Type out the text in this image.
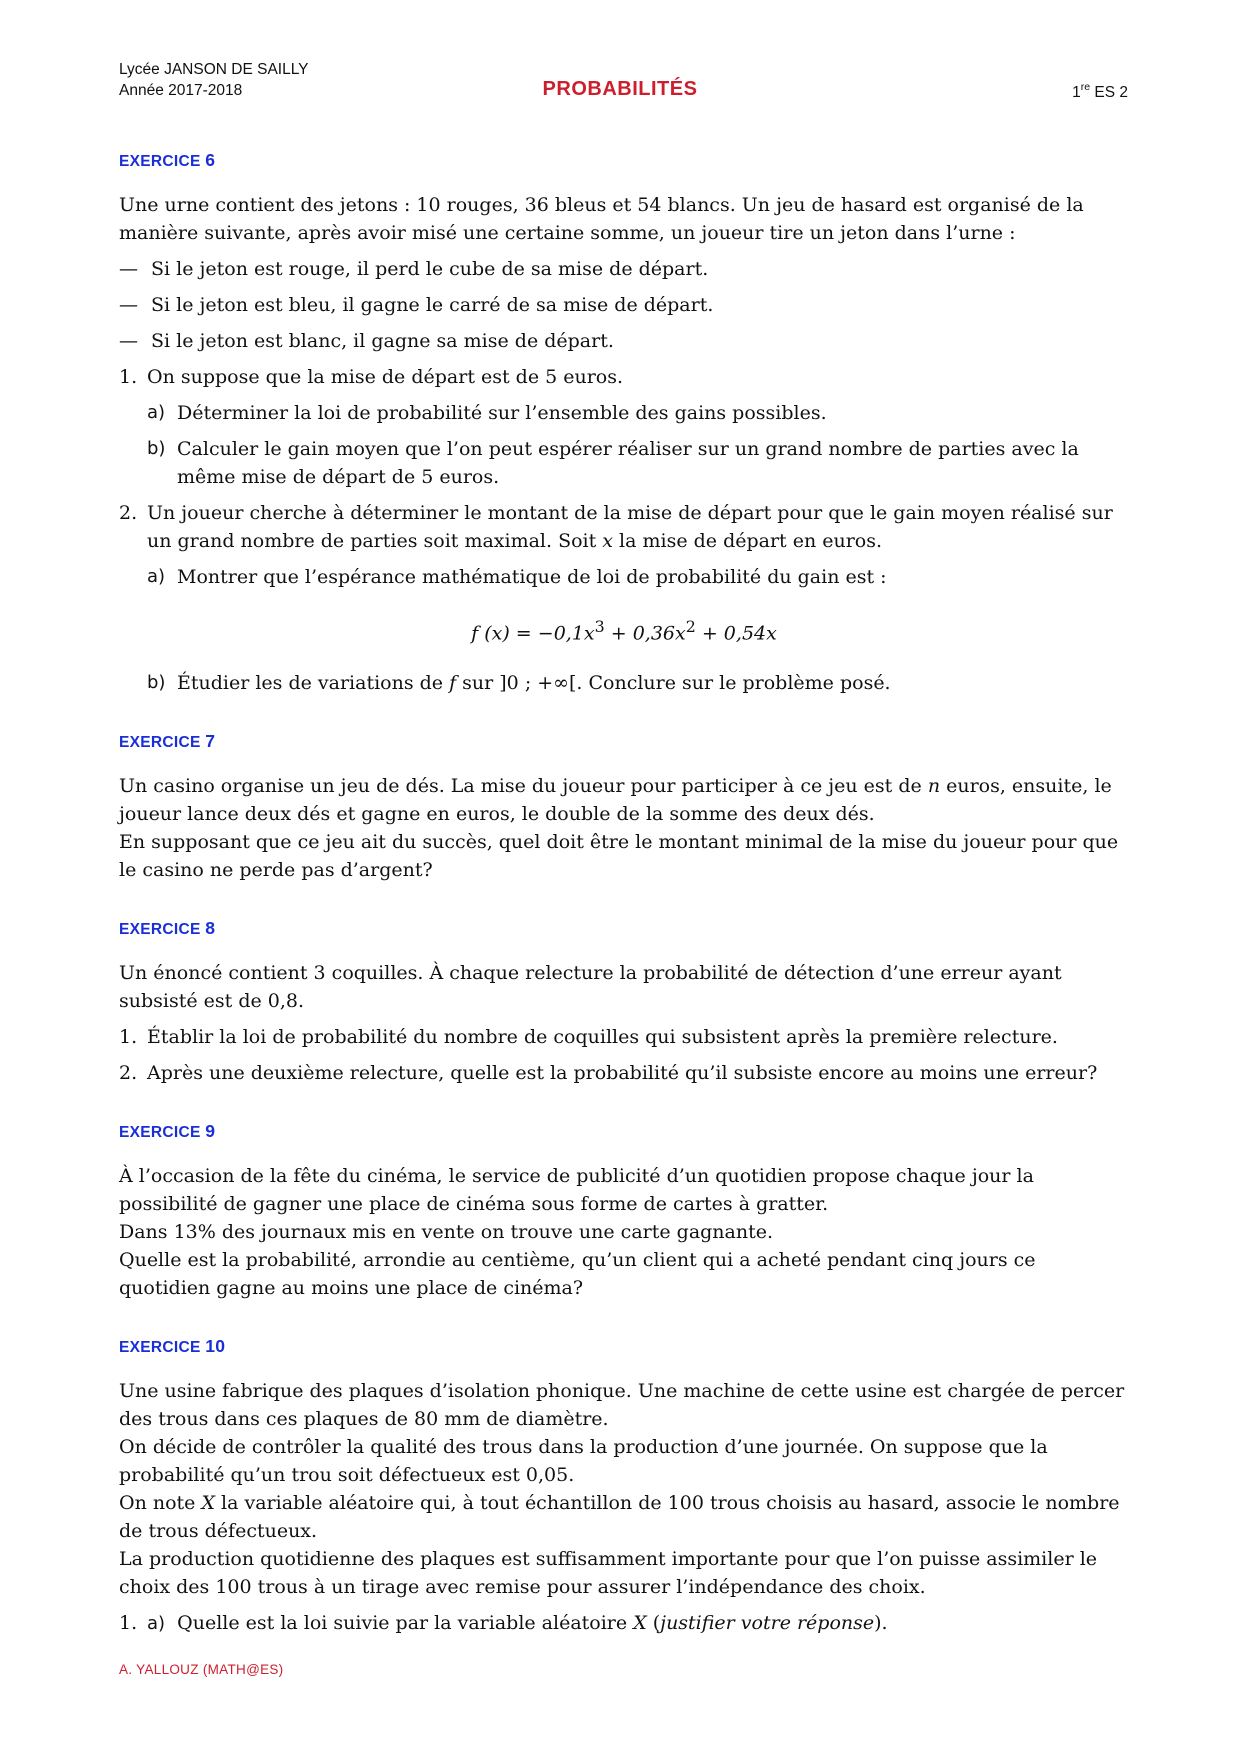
Lycée JANSON DE SAILLY
Année 2017-2018	PROBABILITÉS	1re ES 2
EXERCICE 6

Une urne contient des jetons : 10 rouges, 36 bleus et 54 blancs. Un jeu de hasard est organisé de la manière suivante, après avoir misé une certaine somme, un joueur tire un jeton dans l’urne :

— Si le jeton est rouge, il perd le cube de sa mise de départ.
— Si le jeton est bleu, il gagne le carré de sa mise de départ.
— Si le jeton est blanc, il gagne sa mise de départ.
1. On suppose que la mise de départ est de 5 euros.
a) Déterminer la loi de probabilité sur l’ensemble des gains possibles.
b) Calculer le gain moyen que l’on peut espérer réaliser sur un grand nombre de parties avec la même mise de départ de 5 euros.
2. Un joueur cherche à déterminer le montant de la mise de départ pour que le gain moyen réalisé sur un grand nombre de parties soit maximal. Soit x la mise de départ en euros.
a) Montrer que l’espérance mathématique de loi de probabilité du gain est :
f $(x) = -0,1x^3 + 0,36x^2 + 0,54x$
b) Étudier les de variations de f sur ]0 ; +∞[. Conclure sur le problème posé.
EXERCICE 7

Un casino organise un jeu de dés. La mise du joueur pour participer à ce jeu est de n euros, ensuite, le joueur lance deux dés et gagne en euros, le double de la somme des deux dés.

En supposant que ce jeu ait du succès, quel doit être le montant minimal de la mise du joueur pour que le casino ne perde pas d’argent?

EXERCICE 8

Un énoncé contient 3 coquilles. À chaque relecture la probabilité de détection d’une erreur ayant subsisté est de 0,8.

1. Établir la loi de probabilité du nombre de coquilles qui subsistent après la première relecture.
2. Après une deuxième relecture, quelle est la probabilité qu’il subsiste encore au moins une erreur?
EXERCICE 9

À l’occasion de la fête du cinéma, le service de publicité d’un quotidien propose chaque jour la possibilité de gagner une place de cinéma sous forme de cartes à gratter.

Dans 13% des journaux mis en vente on trouve une carte gagnante.

Quelle est la probabilité, arrondie au centième, qu’un client qui a acheté pendant cinq jours ce quotidien gagne au moins une place de cinéma?

EXERCICE 10

Une usine fabrique des plaques d’isolation phonique. Une machine de cette usine est chargée de percer des trous dans ces plaques de 80 mm de diamètre.

On décide de contrôler la qualité des trous dans la production d’une journée. On suppose que la probabilité qu’un trou soit défectueux est 0,05.

On note X la variable aléatoire qui, à tout échantillon de 100 trous choisis au hasard, associe le nombre de trous défectueux.

La production quotidienne des plaques est suffisamment importante pour que l’on puisse assimiler le choix des 100 trous à un tirage avec remise pour assurer l’indépendance des choix.

1. a) Quelle est la loi suivie par la variable aléatoire X (justifier votre réponse).
A. YALLOUZ (MATH@ES)
